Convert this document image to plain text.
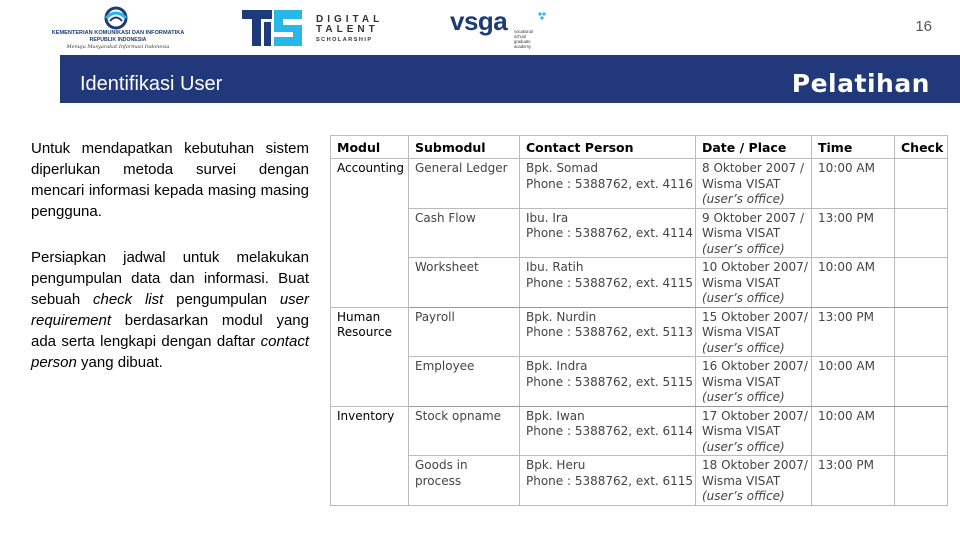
KEMENTERIAN KOMUNIKASI DAN INFORMATIKA
REPUBLIK INDONESIA
Menuju Masyarakat Informasi Indonesia
DIGITAL
TALENT
SCHOLARSHIP
vsga vocational
school
graduate
academy
16
Identifikasi User	Pelatihan
Untuk mendapatkan kebutuhan sistem diperlukan metoda survei dengan mencari informasi kepada masing masing pengguna.
Persiapkan jadwal untuk melakukan pengumpulan data dan informasi. Buat sebuah check list pengumpulan user requirement berdasarkan modul yang ada serta lengkapi dengan daftar contact person yang dibuat.
Modul	Submodul	Contact Person	Date / Place	Time	Check
Accounting	General Ledger	Bpk. Somad
Phone : 5388762, ext. 4116	8 Oktober 2007 /
Wisma VISAT
(user’s office)	10:00 AM	
	Cash Flow	Ibu. Ira
Phone : 5388762, ext. 4114	9 Oktober 2007 /
Wisma VISAT
(user’s office)	13:00 PM	
	Worksheet	Ibu. Ratih
Phone : 5388762, ext. 4115	10 Oktober 2007/
Wisma VISAT
(user’s office)	10:00 AM	
Human Resource	Payroll	Bpk. Nurdin
Phone : 5388762, ext. 5113	15 Oktober 2007/
Wisma VISAT
(user’s office)	13:00 PM	
	Employee	Bpk. Indra
Phone : 5388762, ext. 5115	16 Oktober 2007/
Wisma VISAT
(user’s office)	10:00 AM	
Inventory	Stock opname	Bpk. Iwan
Phone : 5388762, ext. 6114	17 Oktober 2007/
Wisma VISAT
(user’s office)	10:00 AM	
	Goods in process	Bpk. Heru
Phone : 5388762, ext. 6115	18 Oktober 2007/
Wisma VISAT
(user’s office)	13:00 PM	
